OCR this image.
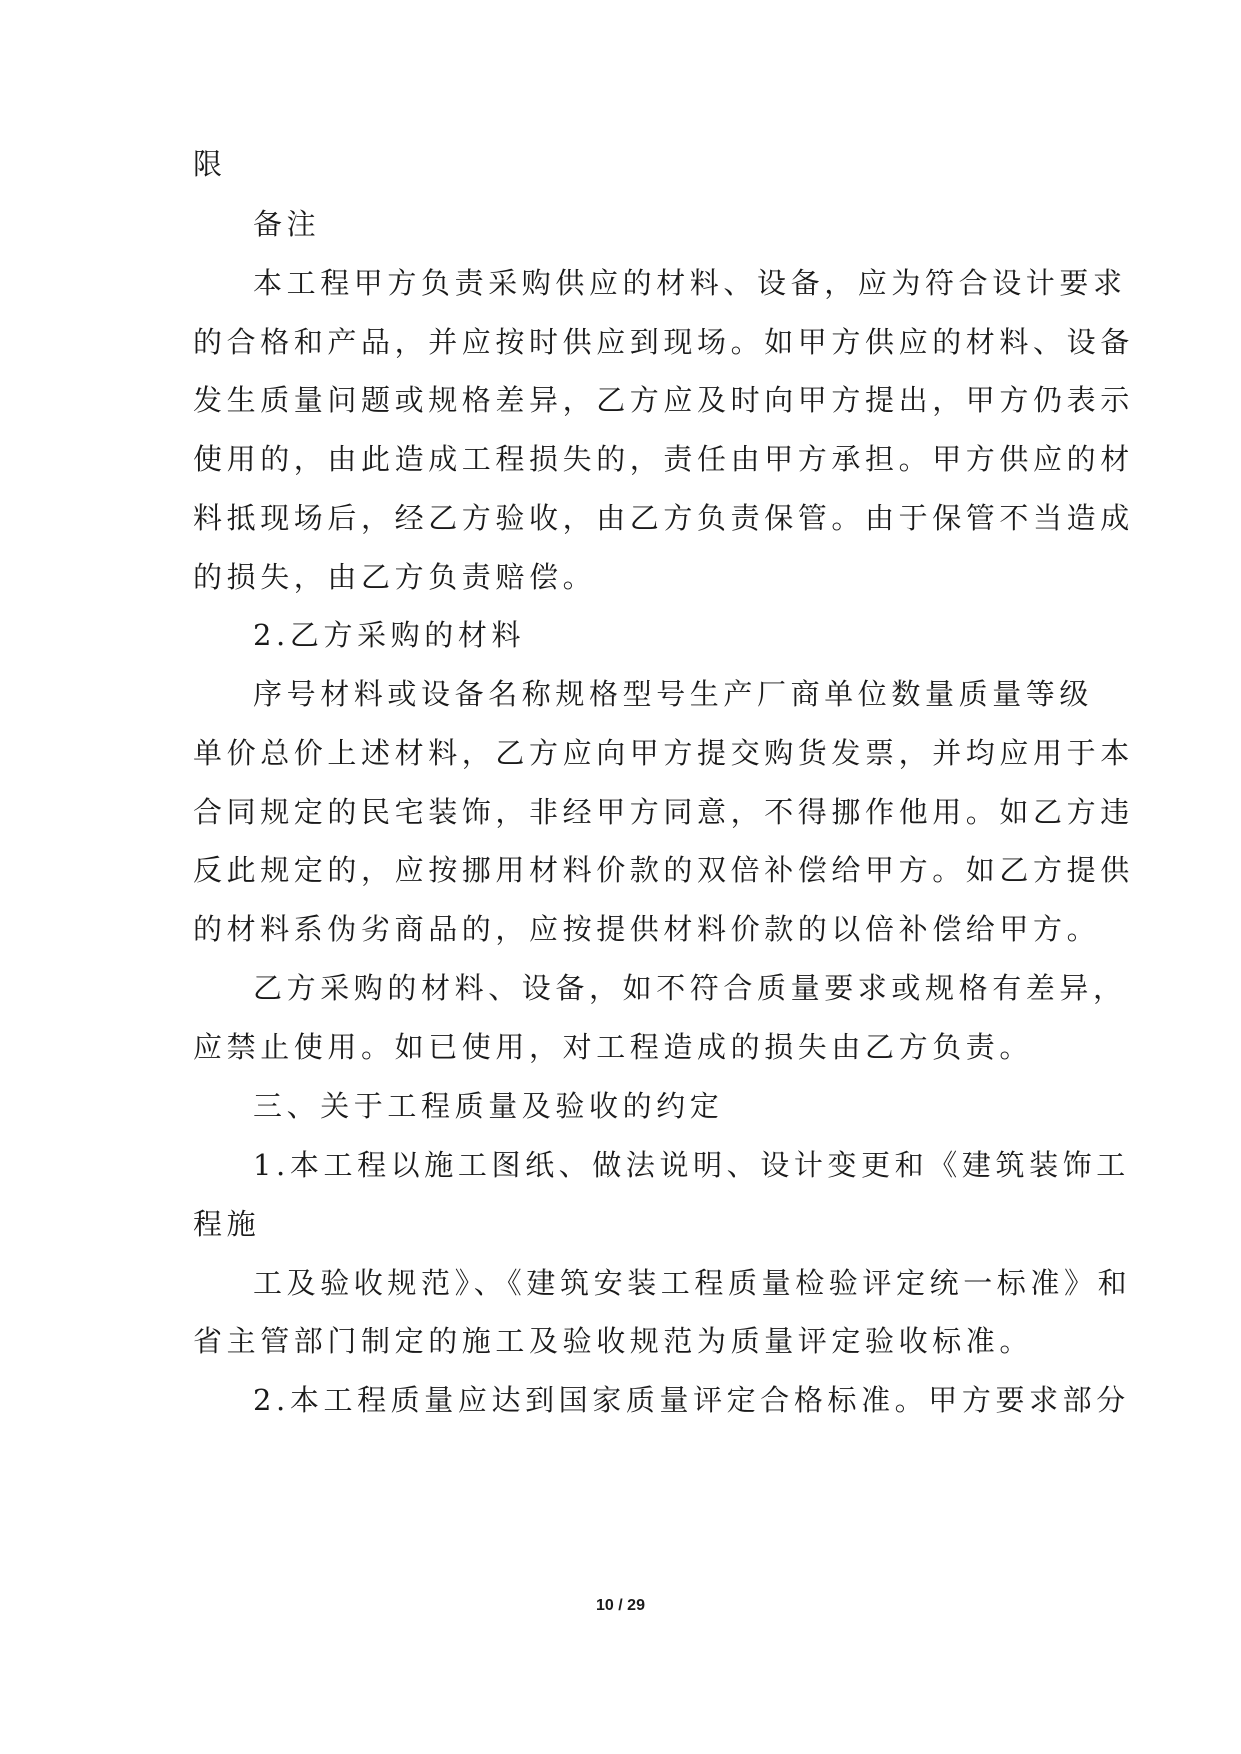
限

备注

本工程甲方负责采购供应的材料、设备，应为符合设计要求

的合格和产品，并应按时供应到现场。如甲方供应的材料、设备

发生质量问题或规格差异，乙方应及时向甲方提出，甲方仍表示

使用的，由此造成工程损失的，责任由甲方承担。甲方供应的材

料抵现场后，经乙方验收，由乙方负责保管。由于保管不当造成

的损失，由乙方负责赔偿。

2.乙方采购的材料

序号材料或设备名称规格型号生产厂商单位数量质量等级

单价总价上述材料，乙方应向甲方提交购货发票，并均应用于本

合同规定的民宅装饰，非经甲方同意，不得挪作他用。如乙方违

反此规定的，应按挪用材料价款的双倍补偿给甲方。如乙方提供

的材料系伪劣商品的，应按提供材料价款的以倍补偿给甲方。

乙方采购的材料、设备，如不符合质量要求或规格有差异，

应禁止使用。如已使用，对工程造成的损失由乙方负责。

三、关于工程质量及验收的约定

1.本工程以施工图纸、做法说明、设计变更和《建筑装饰工

程施

工及验收规范》、《建筑安装工程质量检验评定统一标准》和

省主管部门制定的施工及验收规范为质量评定验收标准。

2.本工程质量应达到国家质量评定合格标准。甲方要求部分

10 / 29
